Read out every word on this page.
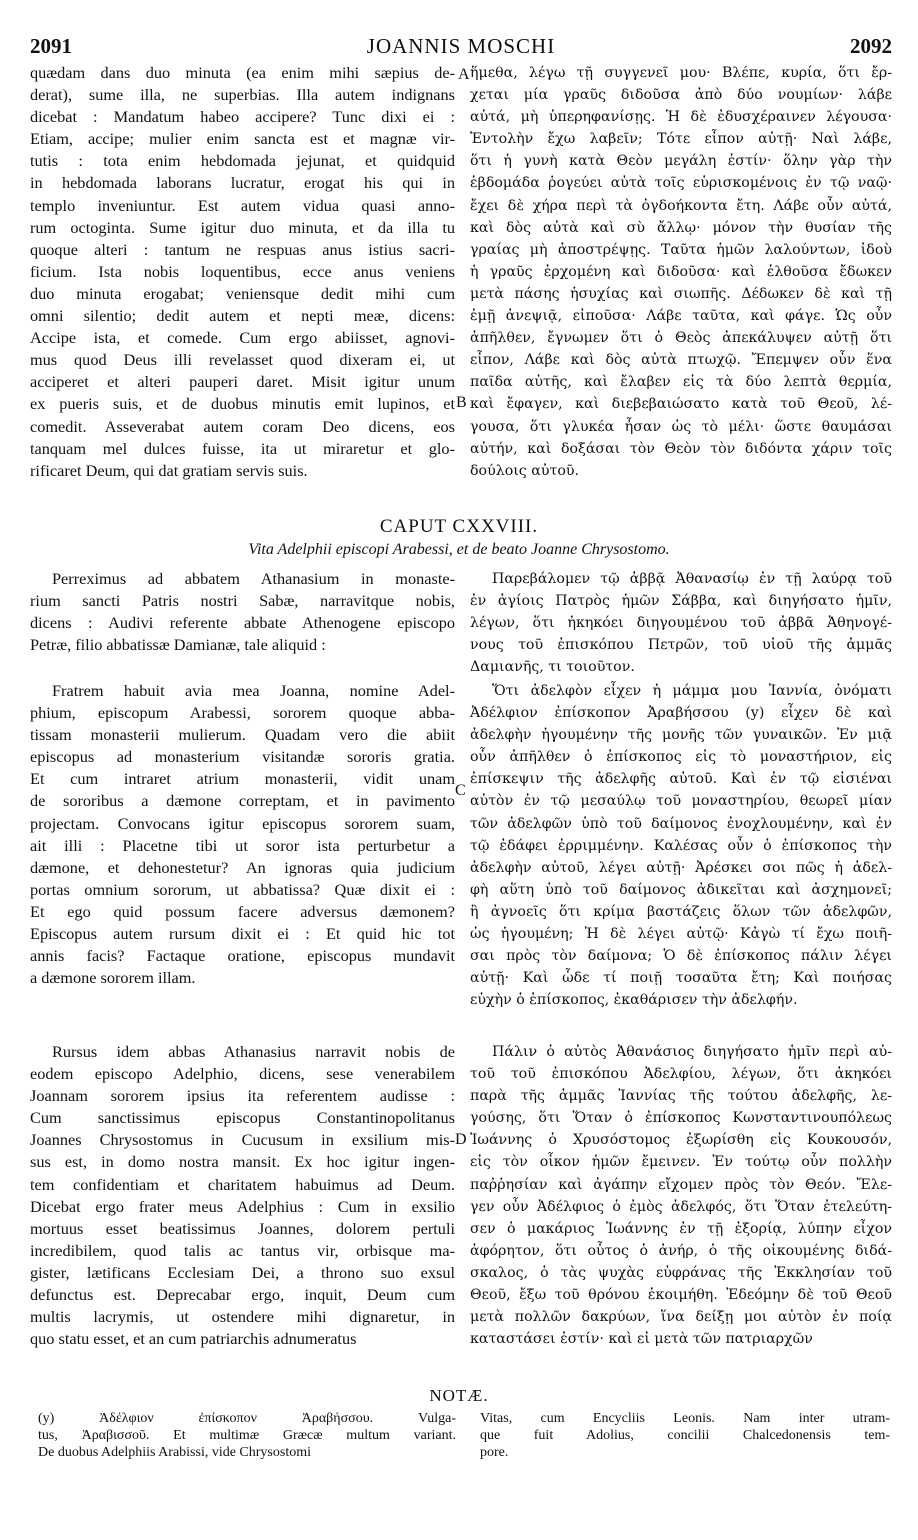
2091	JOANNIS MOSCHI	2092
quædam dans duo minuta (ea enim mihi sæpius de-
derat), sume illa, ne superbias. Illa autem indignans
dicebat : Mandatum habeo accipere? Tunc dixi ei :
Etiam, accipe; mulier enim sancta est et magnæ vir-
tutis : tota enim hebdomada jejunat, et quidquid
in hebdomada laborans lucratur, erogat his qui in
templo inveniuntur. Est autem vidua quasi anno-
rum octoginta. Sume igitur duo minuta, et da illa tu
quoque alteri : tantum ne respuas anus istius sacri-
ficium. Ista nobis loquentibus, ecce anus veniens
duo minuta erogabat; veniensque dedit mihi cum
omni silentio; dedit autem et nepti meæ, dicens:
Accipe ista, et comede. Cum ergo abiisset, agnovi-
mus quod Deus illi revelasset quod dixeram ei, ut
acciperet et alteri pauperi daret. Misit igitur unum
ex pueris suis, et de duobus minutis emit lupinos, et
comedit. Asseverabat autem coram Deo dicens, eos
tanquam mel dulces fuisse, ita ut miraretur et glo-
rificaret Deum, qui dat gratiam servis suis.
ἥμεθα, λέγω τῇ συγγενεῖ μου· Βλέπε, κυρία, ὅτι ἔρ-
χεται μία γραῦς διδοῦσα ἀπὸ δύο νουμίων· λάβε
αὐτά, μὴ ὑπερηφανίσῃς. Ἡ δὲ ἐδυσχέραινεν λέγουσα·
Ἐντολὴν ἔχω λαβεῖν; Τότε εἶπον αὐτῇ· Ναὶ λάβε,
ὅτι ἡ γυνὴ κατὰ Θεὸν μεγάλη ἐστίν· ὅλην γὰρ τὴν
ἑβδομάδα ῥογεύει αὐτὰ τοῖς εὑρισκομένοις ἐν τῷ ναῷ·
ἔχει δὲ χήρα περὶ τὰ ὀγδοήκοντα ἔτη. Λάβε οὖν αὐτά,
καὶ δὸς αὐτὰ καὶ σὺ ἄλλῳ· μόνον τὴν θυσίαν τῆς
γραίας μὴ ἀποστρέψῃς. Ταῦτα ἡμῶν λαλούντων, ἰδοὺ
ἡ γραῦς ἐρχομένη καὶ διδοῦσα· καὶ ἐλθοῦσα ἔδωκεν
μετὰ πάσης ἡσυχίας καὶ σιωπῆς. Δέδωκεν δὲ καὶ τῇ
ἐμῇ ἀνεψιᾷ, εἰποῦσα· Λάβε ταῦτα, καὶ φάγε. Ὡς οὖν
ἀπῆλθεν, ἔγνωμεν ὅτι ὁ Θεὸς ἀπεκάλυψεν αὐτῇ ὅτι
εἶπον, Λάβε καὶ δὸς αὐτὰ πτωχῷ. Ἔπεμψεν οὖν ἕνα
παῖδα αὐτῆς, καὶ ἔλαβεν εἰς τὰ δύο λεπτὰ θερμία,
καὶ ἔφαγεν, καὶ διεβεβαιώσατο κατὰ τοῦ Θεοῦ, λέ-
γουσα, ὅτι γλυκέα ἦσαν ὡς τὸ μέλι· ὥστε θαυμάσαι
αὐτήν, καὶ δοξάσαι τὸν Θεὸν τὸν διδόντα χάριν τοῖς
δούλοις αὐτοῦ.
A
B
C
D
CAPUT CXXVIII.
Vita Adelphii episcopi Arabessi, et de beato Joanne Chrysostomo.
Perreximus ad abbatem Athanasium in monaste-
rium sancti Patris nostri Sabæ, narravitque nobis,
dicens : Audivi referente abbate Athenogene episcopo
Petræ, filio abbatissæ Damianæ, tale aliquid :
Fratrem habuit avia mea Joanna, nomine Adel-
phium, episcopum Arabessi, sororem quoque abba-
tissam monasterii mulierum. Quadam vero die abiit
episcopus ad monasterium visitandæ sororis gratia.
Et cum intraret atrium monasterii, vidit unam
de sororibus a dæmone correptam, et in pavimento
projectam. Convocans igitur episcopus sororem suam,
ait illi : Placetne tibi ut soror ista perturbetur a
dæmone, et dehonestetur? An ignoras quia judicium
portas omnium sororum, ut abbatissa? Quæ dixit ei :
Et ego quid possum facere adversus dæmonem?
Episcopus autem rursum dixit ei : Et quid hic tot
annis facis? Factaque oratione, episcopus mundavit
a dæmone sororem illam.
Rursus idem abbas Athanasius narravit nobis de
eodem episcopo Adelphio, dicens, sese venerabilem
Joannam sororem ipsius ita referentem audisse :
Cum sanctissimus episcopus Constantinopolitanus
Joannes Chrysostomus in Cucusum in exsilium mis-
sus est, in domo nostra mansit. Ex hoc igitur ingen-
tem confidentiam et charitatem habuimus ad Deum.
Dicebat ergo frater meus Adelphius : Cum in exsilio
mortuus esset beatissimus Joannes, dolorem pertuli
incredibilem, quod talis ac tantus vir, orbisque ma-
gister, lætificans Ecclesiam Dei, a throno suo exsul
defunctus est. Deprecabar ergo, inquit, Deum cum
multis lacrymis, ut ostendere mihi dignaretur, in
quo statu esset, et an cum patriarchis adnumeratus
Παρεβάλομεν τῷ ἀββᾷ Ἀθανασίῳ ἐν τῇ λαύρᾳ τοῦ
ἐν ἁγίοις Πατρὸς ἡμῶν Σάββα, καὶ διηγήσατο ἡμῖν,
λέγων, ὅτι ἠκηκόει διηγουμένου τοῦ ἀββᾶ Ἀθηνογέ-
νους τοῦ ἐπισκόπου Πετρῶν, τοῦ υἱοῦ τῆς ἀμμᾶς
Δαμιανῆς, τι τοιοῦτον.
Ὅτι ἀδελφὸν εἶχεν ἡ μάμμα μου Ἰαννία, ὀνόματι
Ἀδέλφιον ἐπίσκοπον Ἀραβήσσου (y) εἶχεν δὲ καὶ
ἀδελφὴν ἡγουμένην τῆς μονῆς τῶν γυναικῶν. Ἐν μιᾷ
οὖν ἀπῆλθεν ὁ ἐπίσκοπος εἰς τὸ μοναστήριον, εἰς
ἐπίσκεψιν τῆς ἀδελφῆς αὐτοῦ. Καὶ ἐν τῷ εἰσιέναι
αὐτὸν ἐν τῷ μεσαύλῳ τοῦ μοναστηρίου, θεωρεῖ μίαν
τῶν ἀδελφῶν ὑπὸ τοῦ δαίμονος ἐνοχλουμένην, καὶ ἐν
τῷ ἐδάφει ἐρριμμένην. Καλέσας οὖν ὁ ἐπίσκοπος τὴν
ἀδελφὴν αὐτοῦ, λέγει αὐτῇ· Ἀρέσκει σοι πῶς ἡ ἀδελ-
φὴ αὕτη ὑπὸ τοῦ δαίμονος ἀδικεῖται καὶ ἀσχημονεῖ;
ἢ ἀγνοεῖς ὅτι κρίμα βαστάζεις ὅλων τῶν ἀδελφῶν,
ὡς ἡγουμένη; Ἡ δὲ λέγει αὐτῷ· Κἀγὼ τί ἔχω ποιῆ-
σαι πρὸς τὸν δαίμονα; Ὁ δὲ ἐπίσκοπος πάλιν λέγει
αὐτῇ· Καὶ ὧδε τί ποιῇ τοσαῦτα ἔτη; Καὶ ποιήσας
εὐχὴν ὁ ἐπίσκοπος, ἐκαθάρισεν τὴν ἀδελφήν.
Πάλιν ὁ αὐτὸς Ἀθανάσιος διηγήσατο ἡμῖν περὶ αὐ-
τοῦ τοῦ ἐπισκόπου Ἀδελφίου, λέγων, ὅτι ἀκηκόει
παρὰ τῆς ἀμμᾶς Ἰαννίας τῆς τούτου ἀδελφῆς, λε-
γούσης, ὅτι Ὅταν ὁ ἐπίσκοπος Κωνσταντινουπόλεως
Ἰωάννης ὁ Χρυσόστομος ἐξωρίσθη εἰς Κουκουσόν,
εἰς τὸν οἶκον ἡμῶν ἔμεινεν. Ἐν τούτῳ οὖν πολλὴν
παῤῥησίαν καὶ ἀγάπην εἴχομεν πρὸς τὸν Θεόν. Ἔλε-
γεν οὖν Ἀδέλφιος ὁ ἐμὸς ἀδελφός, ὅτι Ὅταν ἐτελεύτη-
σεν ὁ μακάριος Ἰωάννης ἐν τῇ ἐξορίᾳ, λύπην εἶχον
ἀφόρητον, ὅτι οὗτος ὁ ἀνήρ, ὁ τῆς οἰκουμένης διδά-
σκαλος, ὁ τὰς ψυχὰς εὐφράνας τῆς Ἐκκλησίαν τοῦ
Θεοῦ, ἔξω τοῦ θρόνου ἐκοιμήθη. Ἐδεόμην δὲ τοῦ Θεοῦ
μετὰ πολλῶν δακρύων, ἵνα δείξῃ μοι αὐτὸν ἐν ποίᾳ
καταστάσει ἐστίν· καὶ εἰ μετὰ τῶν πατριαρχῶν
NOTÆ.
(y) Ἀδέλφιον ἐπίσκοπον Ἀραβήσσου. Vulga-
tus, Ἀραβισσοῦ. Et multimæ Græcæ multum variant.
De duobus Adelphiis Arabissi, vide Chrysostomi
Vitas, cum Encycliis Leonis. Nam inter utram-
que fuit Adolius, concilii Chalcedonensis tem-
pore.
